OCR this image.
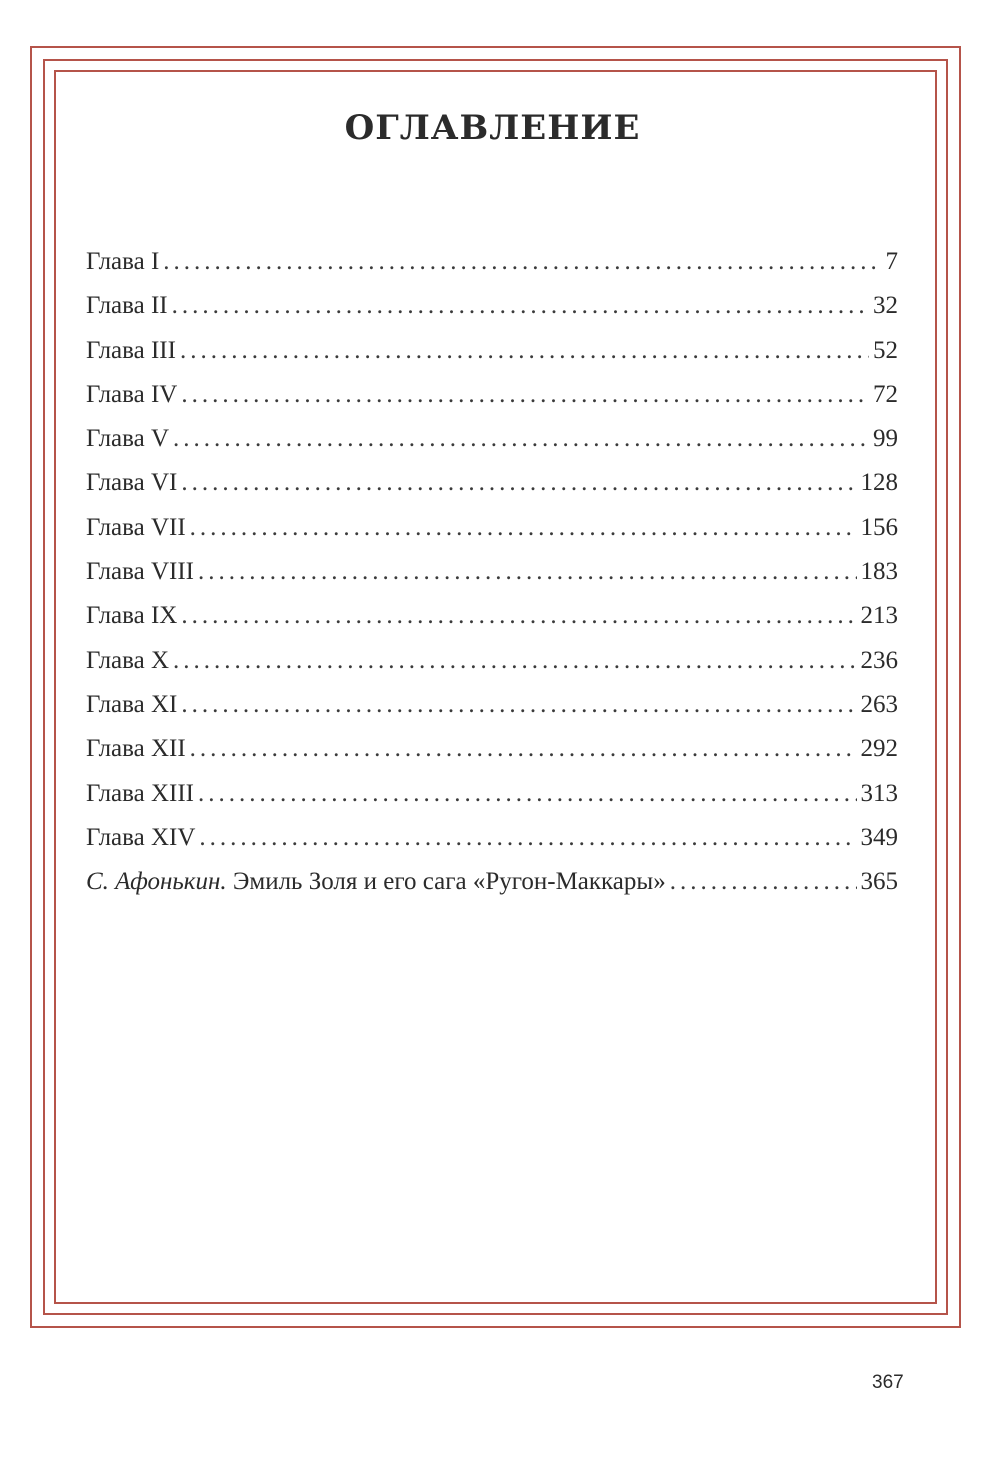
ОГЛАВЛЕНИЕ
Глава I .....	7
Глава II .....	32
Глава III .....	52
Глава IV .....	72
Глава V .....	99
Глава VI .....	128
Глава VII .....	156
Глава VIII .....	183
Глава IX .....	213
Глава X .....	236
Глава XI .....	263
Глава XII .....	292
Глава XIII .....	313
Глава XIV .....	349
С. Афонькин. Эмиль Золя и его сага «Ругон-Маккары» .....	365
367
